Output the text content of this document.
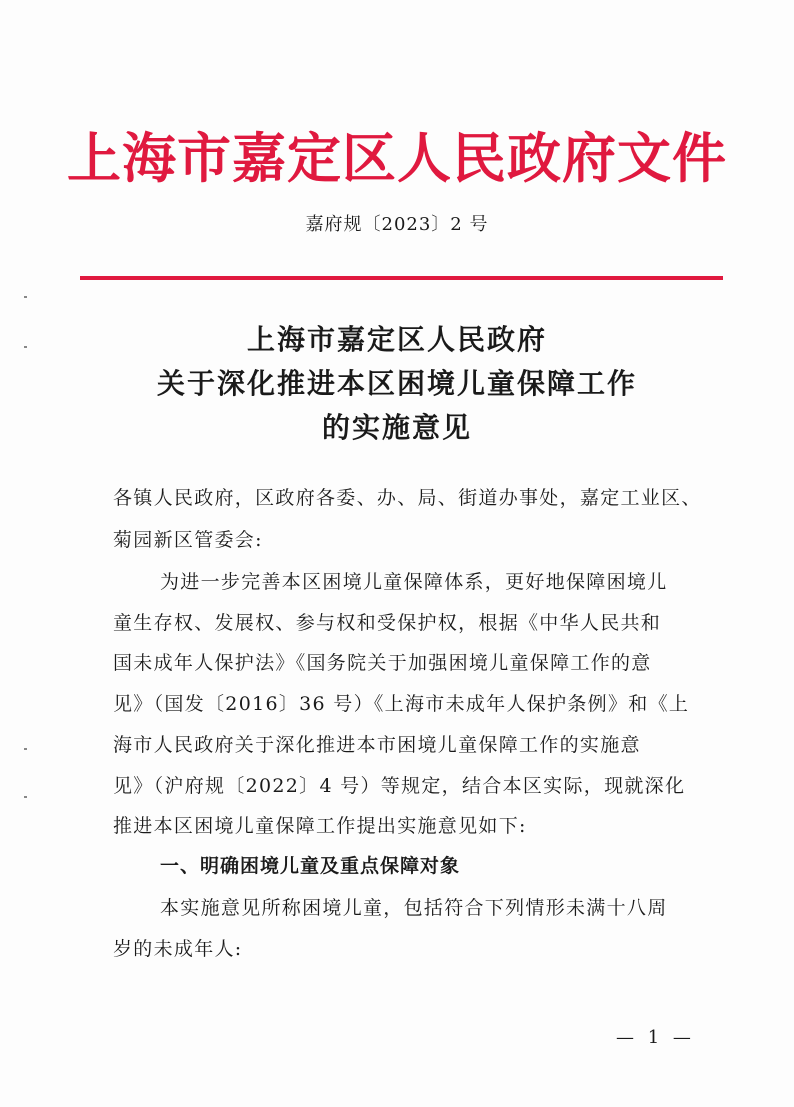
上海市嘉定区人民政府文件
嘉府规〔2023〕2 号
上海市嘉定区人民政府
关于深化推进本区困境儿童保障工作
的实施意见
各镇人民政府，区政府各委、办、局、街道办事处，嘉定工业区、
菊园新区管委会:
为进一步完善本区困境儿童保障体系，更好地保障困境儿
童生存权、发展权、参与权和受保护权，根据《中华人民共和
国未成年人保护法》《国务院关于加强困境儿童保障工作的意
见》（国发〔2016〕36 号）《上海市未成年人保护条例》和《上
海市人民政府关于深化推进本市困境儿童保障工作的实施意
见》（沪府规〔2022〕4 号）等规定，结合本区实际，现就深化
推进本区困境儿童保障工作提出实施意见如下:
一、明确困境儿童及重点保障对象
本实施意见所称困境儿童，包括符合下列情形未满十八周
岁的未成年人:
— 1 —
